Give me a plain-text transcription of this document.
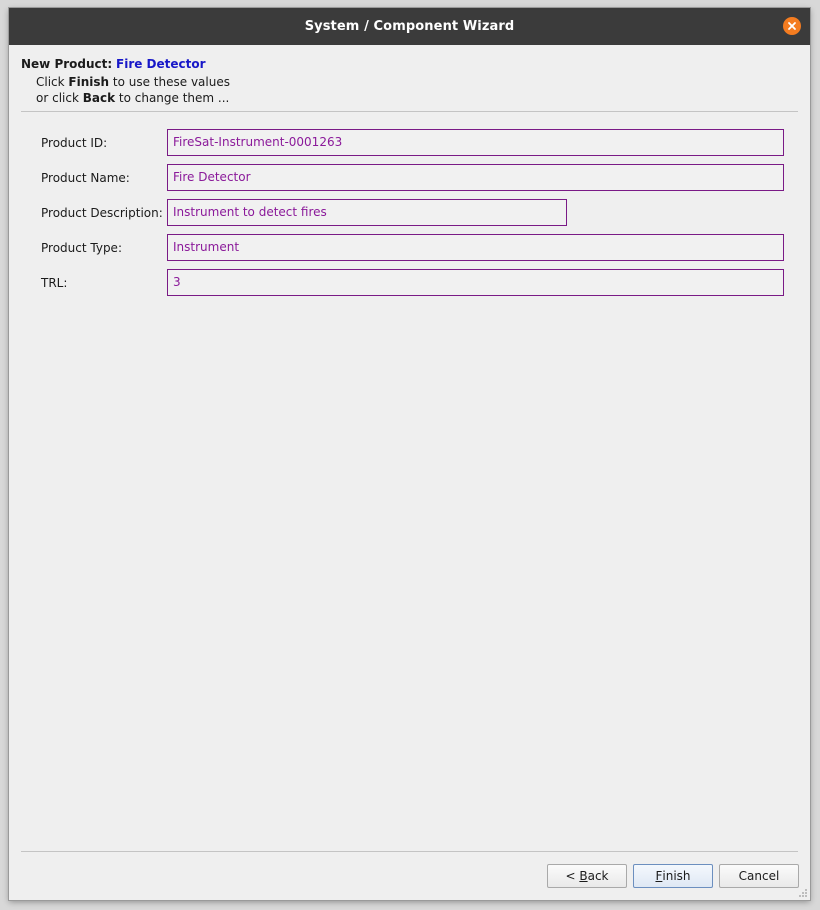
System / Component Wizard
New Product: Fire Detector
Click Finish to use these values
or click Back to change them ...
Product ID:	FireSat-Instrument-0001263
Product Name:	Fire Detector
Product Description: Instrument to detect fires
Product Type:	Instrument
TRL:	3
< B ack	F inish	Cancel
